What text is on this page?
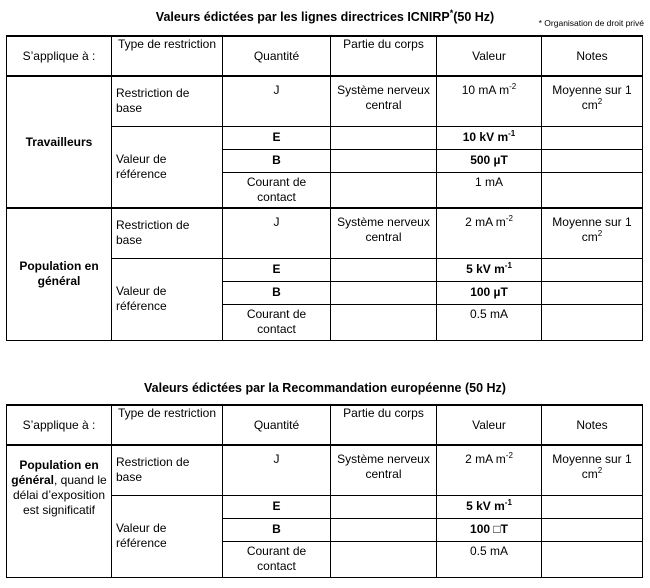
Valeurs édictées par les lignes directrices ICNIRP*(50 Hz)	* Organisation de droit privé
S’applique à :	Type de restriction	Quantité	Partie du corps	Valeur	Notes
Travailleurs	Restriction de base	J	Système nerveux central	10 mA $m^{-2}$	Moyenne sur 1 $cm^2$
	Valeur de référence	E		10 kV $m^{-1}$	
		B		500 µT	
		Courant de contact		1 mA	
Population en général	Restriction de base	J	Système nerveux central	2 mA $m^{-2}$	Moyenne sur 1 $cm^2$
	Valeur de référence	E		5 kV $m^{-1}$	
		B		100 µT	
		Courant de contact		0.5 mA	
Valeurs édictées par la Recommandation européenne (50 Hz)
S’applique à :	Type de restriction	Quantité	Partie du corps	Valeur	Notes
Population en général, quand le délai d’exposition est significatif	Restriction de base	J	Système nerveux central	2 mA $m^{-2}$	Moyenne sur 1 $cm^2$
	Valeur de référence	E		5 kV $m^{-1}$	
		B		100 □T	
		Courant de contact		0.5 mA	
